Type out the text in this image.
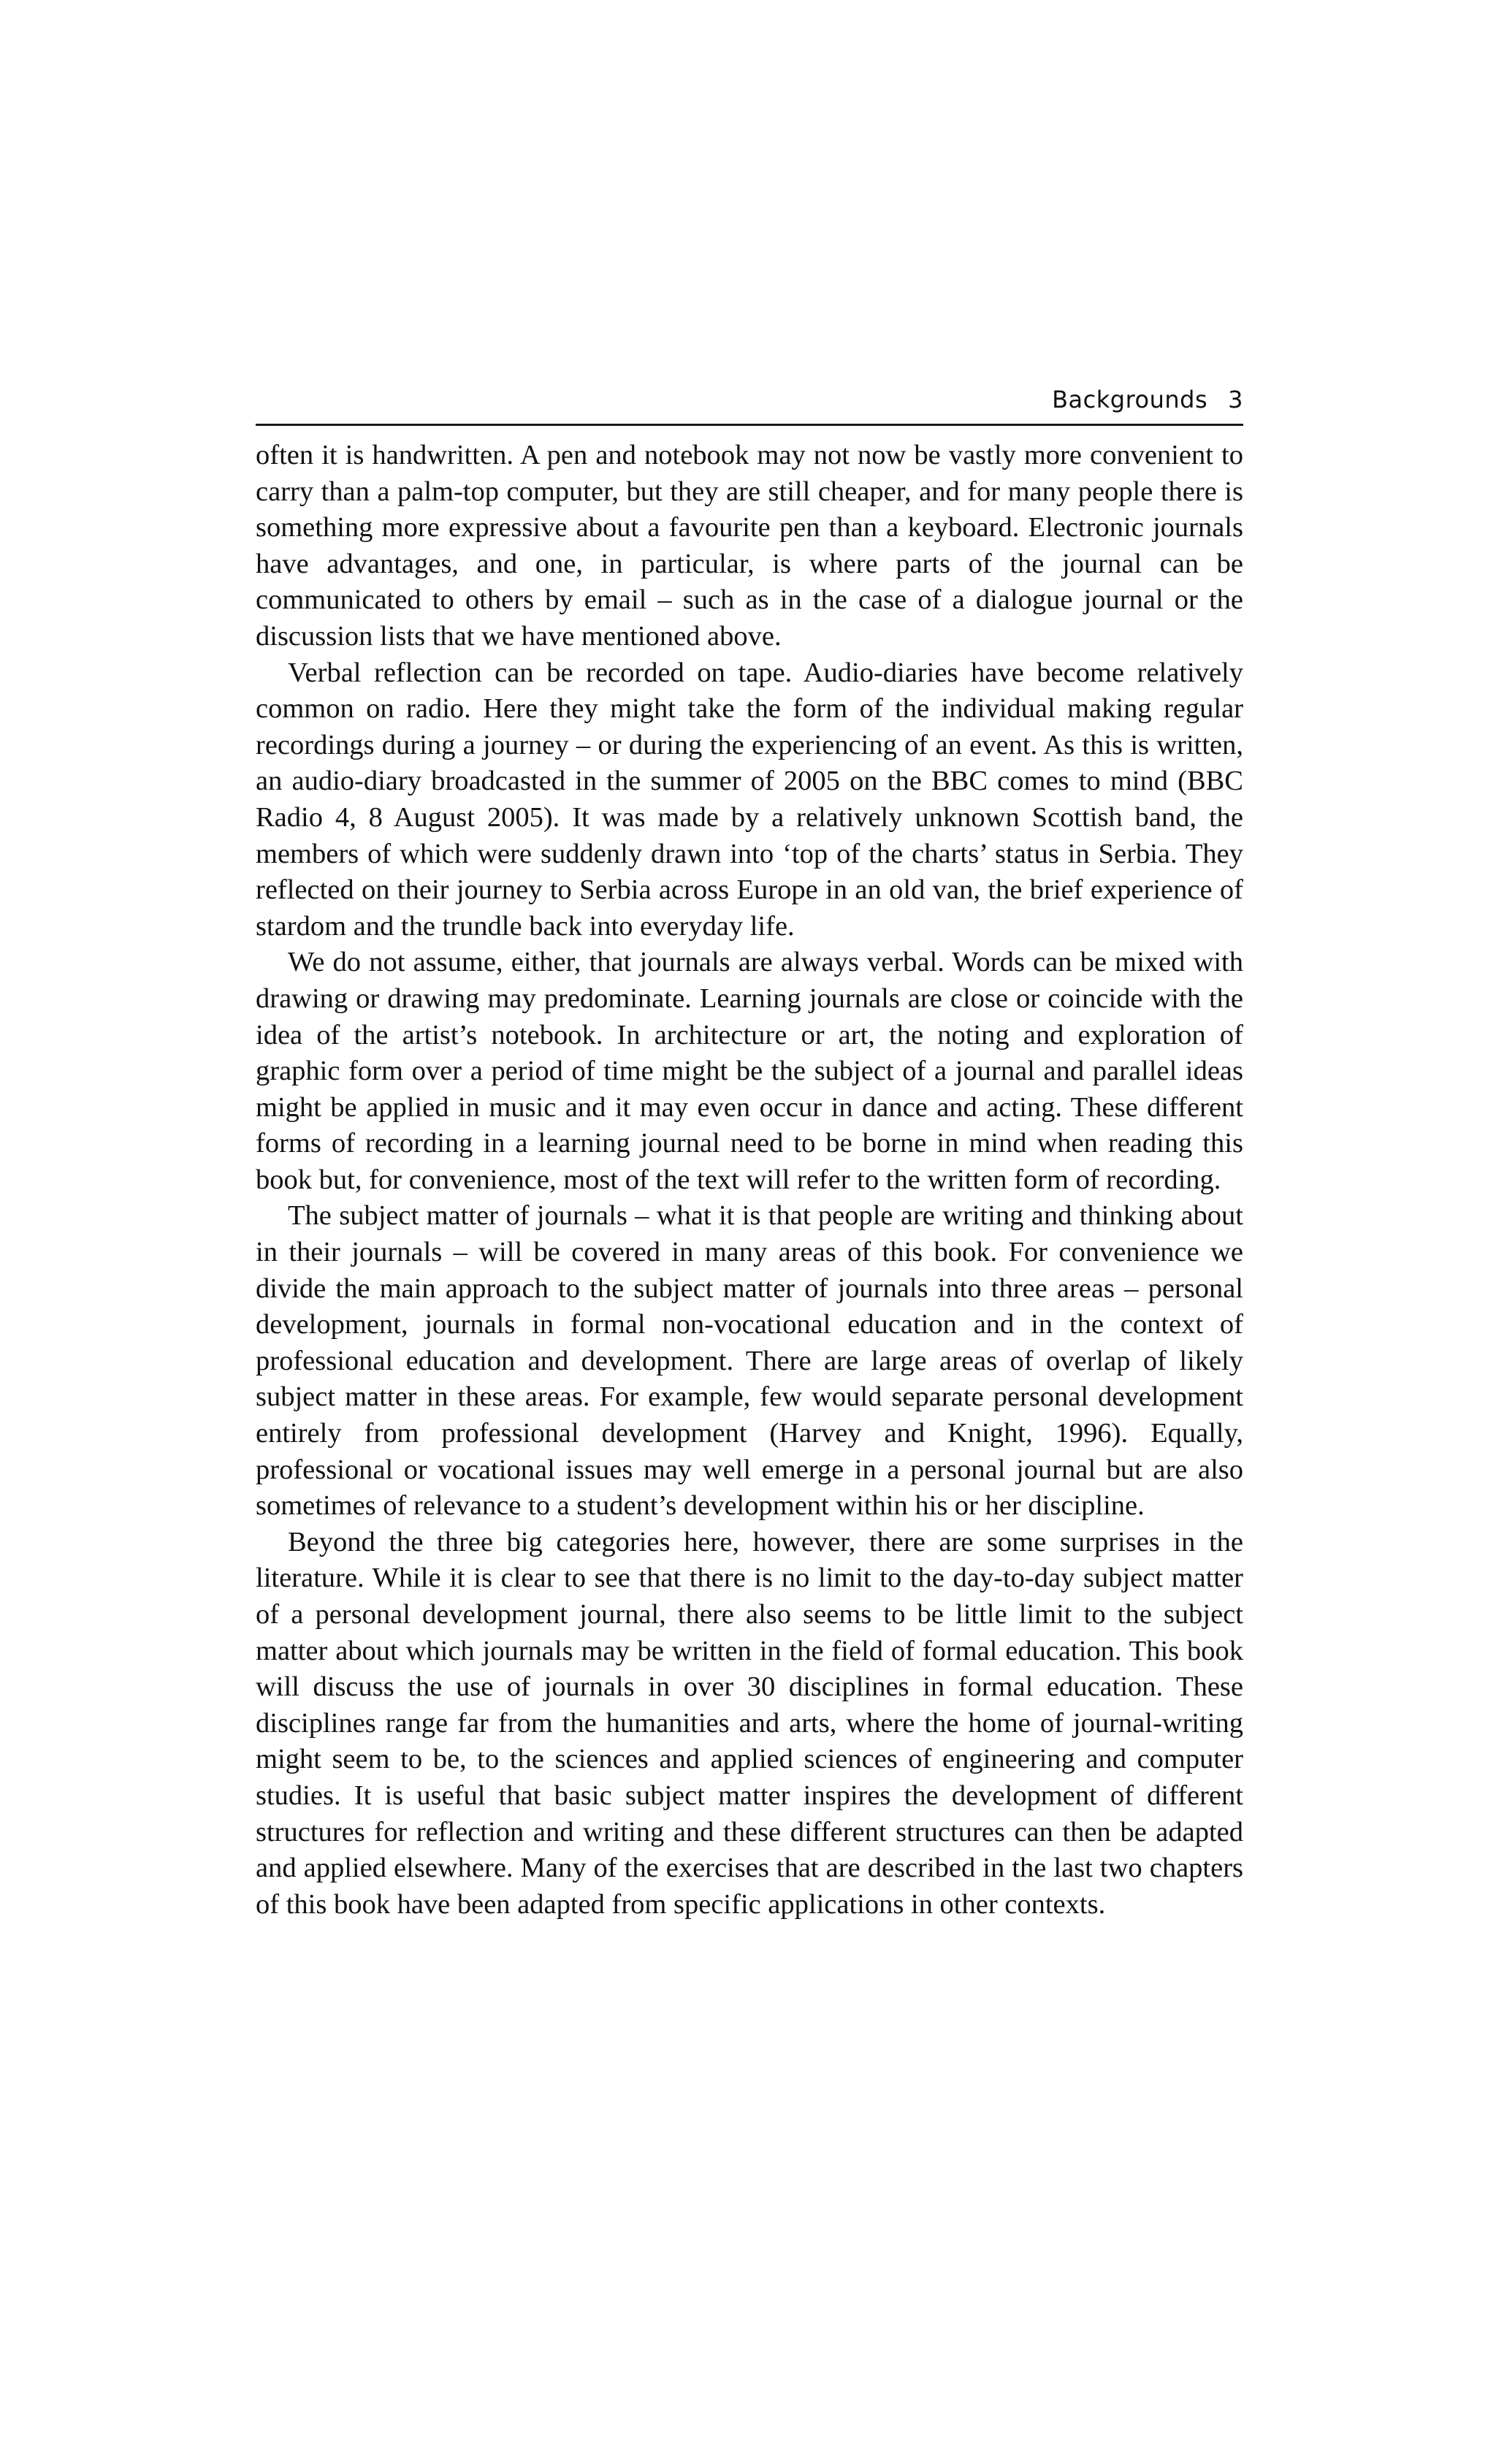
Backgrounds 3

often it is handwritten. A pen and notebook may not now be vastly more convenient to carry than a palm-top computer, but they are still cheaper, and for many people there is something more expressive about a favourite pen than a keyboard. Electronic journals have advantages, and one, in particular, is where parts of the journal can be communicated to others by email – such as in the case of a dialogue journal or the discussion lists that we have mentioned above.

Verbal reflection can be recorded on tape. Audio-diaries have become relatively common on radio. Here they might take the form of the individual making regular recordings during a journey – or during the experiencing of an event. As this is written, an audio-diary broadcasted in the summer of 2005 on the BBC comes to mind (BBC Radio 4, 8 August 2005). It was made by a relatively unknown Scottish band, the members of which were suddenly drawn into ‘top of the charts’ status in Serbia. They reflected on their journey to Serbia across Europe in an old van, the brief experience of stardom and the trundle back into everyday life.

We do not assume, either, that journals are always verbal. Words can be mixed with drawing or drawing may predominate. Learning journals are close or coincide with the idea of the artist’s notebook. In architecture or art, the noting and exploration of graphic form over a period of time might be the subject of a journal and parallel ideas might be applied in music and it may even occur in dance and acting. These different forms of recording in a learning journal need to be borne in mind when reading this book but, for convenience, most of the text will refer to the written form of recording.

The subject matter of journals – what it is that people are writing and thinking about in their journals – will be covered in many areas of this book. For convenience we divide the main approach to the subject matter of journals into three areas – personal development, journals in formal non-vocational education and in the context of professional education and development. There are large areas of overlap of likely subject matter in these areas. For example, few would separate personal development entirely from professional development (Harvey and Knight, 1996). Equally, professional or vocational issues may well emerge in a personal journal but are also sometimes of relevance to a student’s development within his or her discipline.

Beyond the three big categories here, however, there are some surprises in the literature. While it is clear to see that there is no limit to the day-to-day subject matter of a personal development journal, there also seems to be little limit to the subject matter about which journals may be written in the field of formal education. This book will discuss the use of journals in over 30 disciplines in formal education. These disciplines range far from the humanities and arts, where the home of journal-writing might seem to be, to the sciences and applied sciences of engineering and computer studies. It is useful that basic subject matter inspires the development of different structures for reflection and writing and these different structures can then be adapted and applied elsewhere. Many of the exercises that are described in the last two chapters of this book have been adapted from specific applications in other contexts.
